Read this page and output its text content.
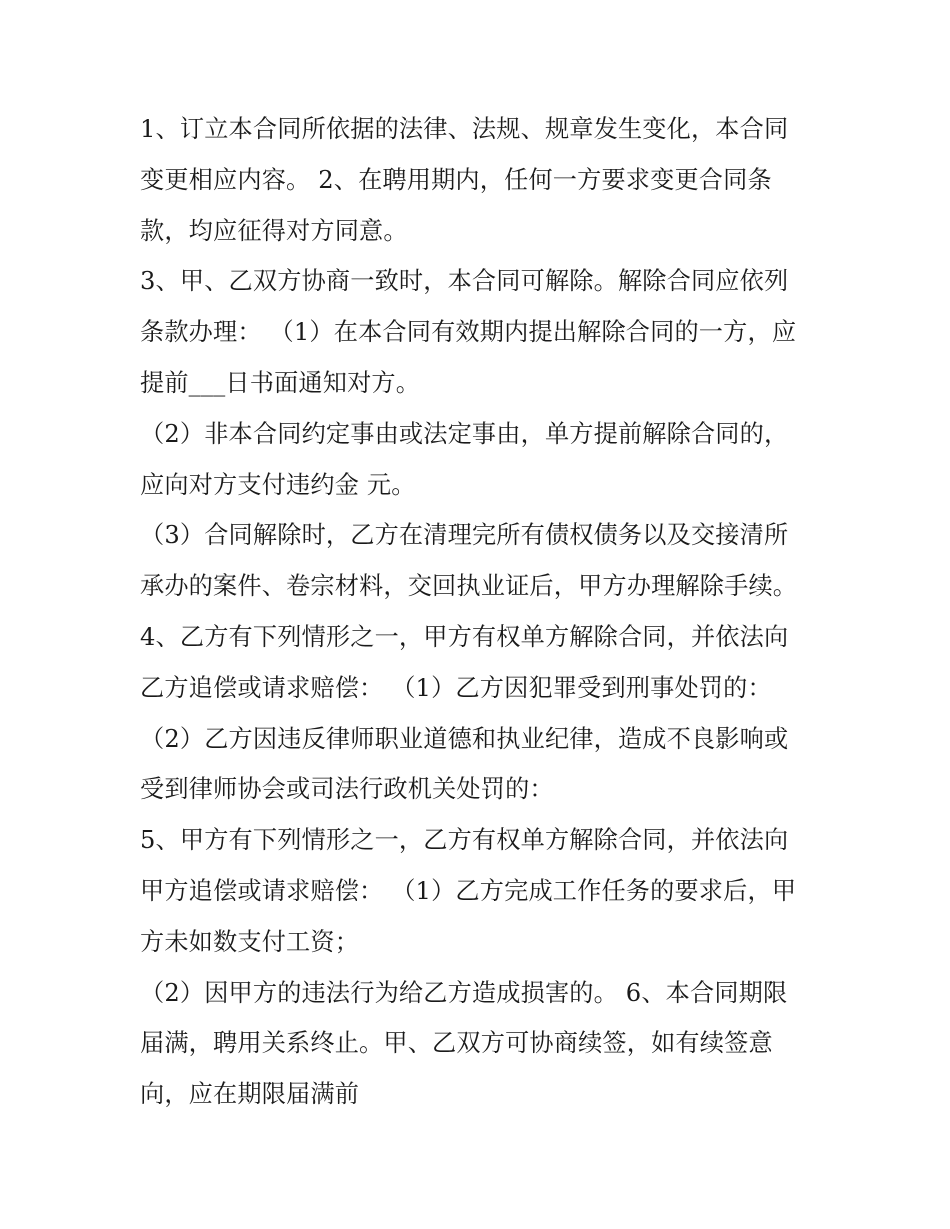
1、订立本合同所依据的法律、法规、规章发生变化，本合同
变更相应内容。 2、在聘用期内，任何一方要求变更合同条
款，均应征得对方同意。
3、甲、乙双方协商一致时，本合同可解除。解除合同应依列
条款办理： （1）在本合同有效期内提出解除合同的一方，应
提前___日书面通知对方。
（2）非本合同约定事由或法定事由，单方提前解除合同的，
应向对方支付违约金 元。
（3）合同解除时，乙方在清理完所有债权债务以及交接清所
承办的案件、卷宗材料，交回执业证后，甲方办理解除手续。
4、乙方有下列情形之一，甲方有权单方解除合同，并依法向
乙方追偿或请求赔偿： （1）乙方因犯罪受到刑事处罚的：
（2）乙方因违反律师职业道德和执业纪律，造成不良影响或
受到律师协会或司法行政机关处罚的：
5、甲方有下列情形之一，乙方有权单方解除合同，并依法向
甲方追偿或请求赔偿： （1）乙方完成工作任务的要求后，甲
方未如数支付工资；
（2）因甲方的违法行为给乙方造成损害的。 6、本合同期限
届满，聘用关系终止。甲、乙双方可协商续签，如有续签意
向，应在期限届满前
